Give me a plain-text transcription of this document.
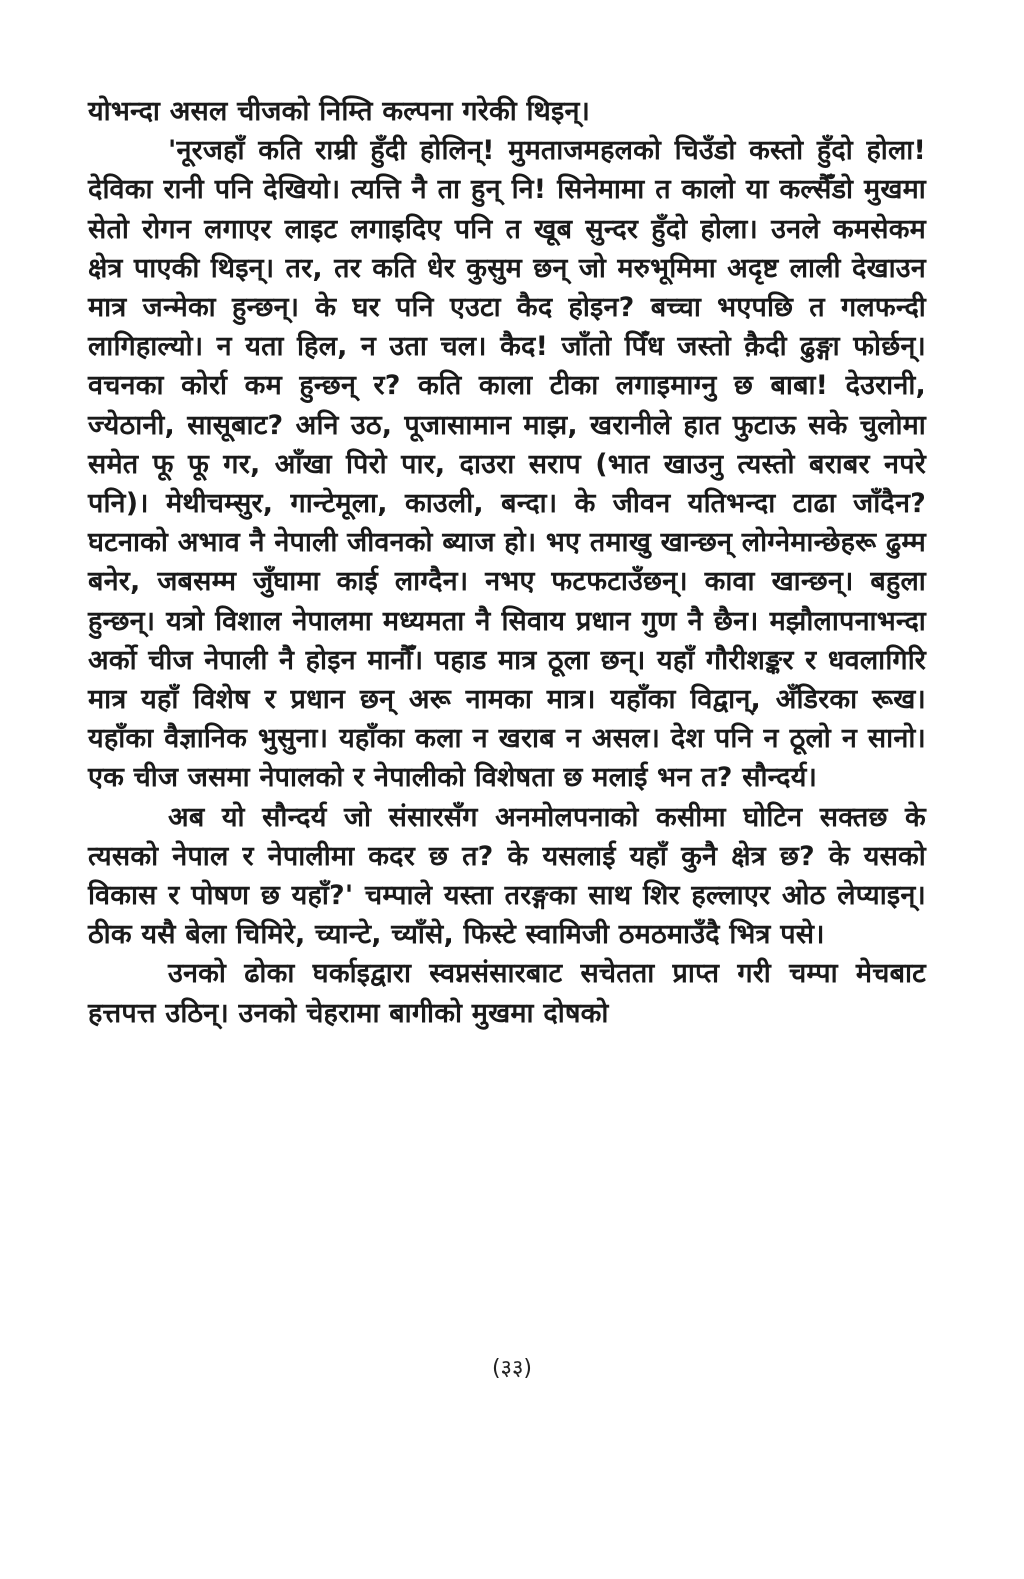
योभन्दा असल चीजको निम्ति कल्पना गरेकी थिइन्।

'नूरजहाँ कति राम्री हुँदी होलिन्! मुमताजमहलको चिउँडो कस्तो हुँदो होला! देविका रानी पनि देखियो। त्यत्ति नै ता हुन् नि! सिनेमामा त कालो या कल्सैँडो मुखमा सेतो रोगन लगाएर लाइट लगाइदिए पनि त खूब सुन्दर हुँदो होला। उनले कमसेकम क्षेत्र पाएकी थिइन्। तर, तर कति धेर कुसुम छन् जो मरुभूमिमा अदृष्ट लाली देखाउन मात्र जन्मेका हुन्छन्। के घर पनि एउटा कैद होइन? बच्चा भएपछि त गलफन्दी लागिहाल्यो। न यता हिल, न उता चल। कैद! जाँतो पिँध जस्तो क़ैदी ढुङ्गा फोर्छन्। वचनका कोर्रा कम हुन्छन् र? कति काला टीका लगाइमाग्नु छ बाबा! देउरानी, ज्येठानी, सासूबाट? अनि उठ, पूजासामान माझ, खरानीले हात फुटाऊ सके चुलोमा समेत फू फू गर, आँखा पिरो पार, दाउरा सराप (भात खाउनु त्यस्तो बराबर नपरे पनि)। मेथीचम्सुर, गान्टेमूला, काउली, बन्दा। के जीवन यतिभन्दा टाढा जाँदैन? घटनाको अभाव नै नेपाली जीवनको ब्याज हो। भए तमाखु खान्छन् लोग्नेमान्छेहरू ढुम्म बनेर, जबसम्म जुँघामा काई लाग्दैन। नभए फटफटाउँछन्। कावा खान्छन्। बहुला हुन्छन्। यत्रो विशाल नेपालमा मध्यमता नै सिवाय प्रधान गुण नै छैन। मझौलापनाभन्दा अर्को चीज नेपाली नै होइन मानौँ। पहाड मात्र ठूला छन्। यहाँ गौरीशङ्कर र धवलागिरि मात्र यहाँ विशेष र प्रधान छन् अरू नामका मात्र। यहाँका विद्वान्, अँडिरका रूख। यहाँका वैज्ञानिक भुसुना। यहाँका कला न खराब न असल। देश पनि न ठूलो न सानो। एक चीज जसमा नेपालको र नेपालीको विशेषता छ मलाई भन त? सौन्दर्य।

अब यो सौन्दर्य जो संसारसँग अनमोलपनाको कसीमा घोटिन सक्तछ के त्यसको नेपाल र नेपालीमा कदर छ त? के यसलाई यहाँ कुनै क्षेत्र छ? के यसको विकास र पोषण छ यहाँ?' चम्पाले यस्ता तरङ्गका साथ शिर हल्लाएर ओठ लेप्याइन्। ठीक यसै बेला चिमिरे, च्यान्टे, च्याँसे, फिस्टे स्वामिजी ठमठमाउँदै भित्र पसे।

उनको ढोका घर्काइद्वारा स्वप्नसंसारबाट सचेतता प्राप्त गरी चम्पा मेचबाट हत्तपत्त उठिन्। उनको चेहरामा बागीको मुखमा दोषको

(३३)
